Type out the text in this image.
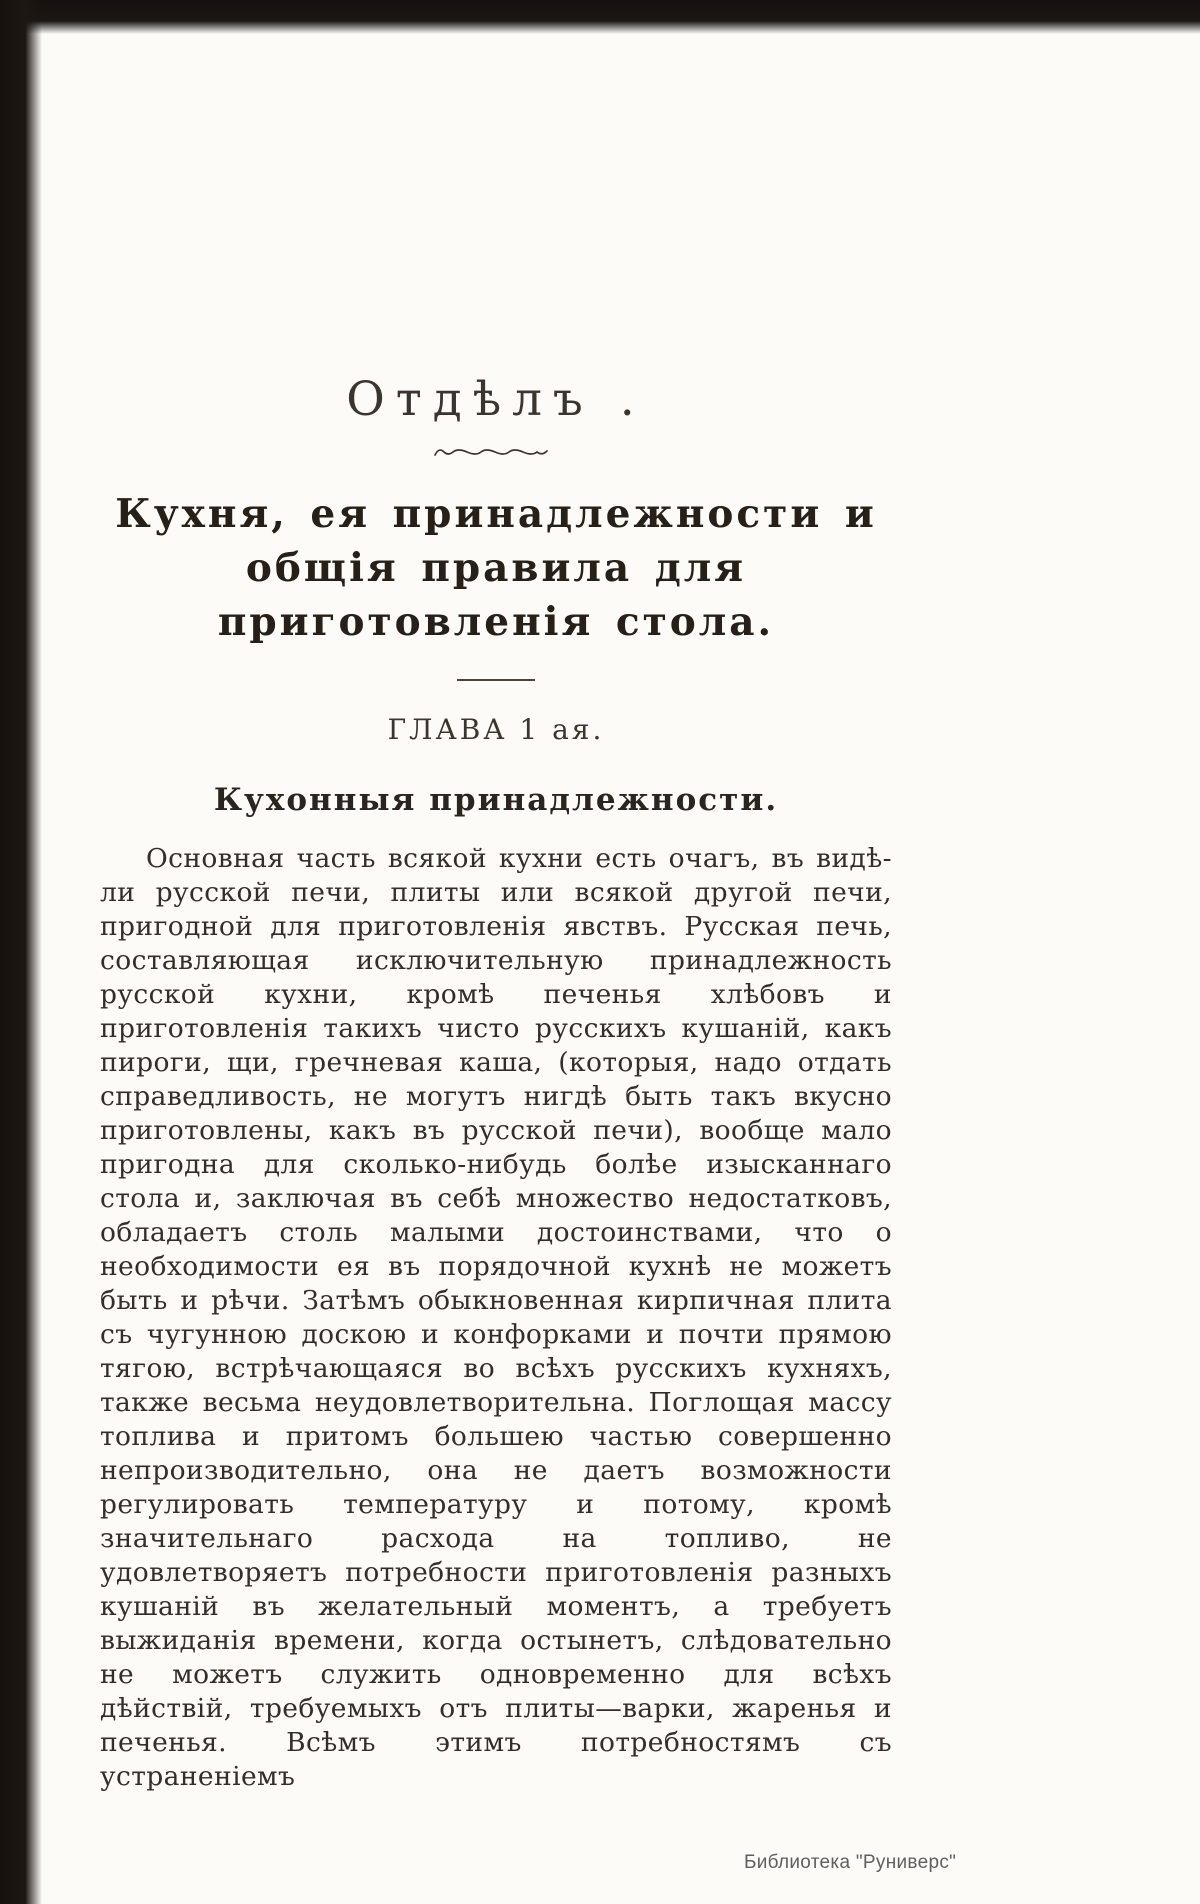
Отдѣлъ .
Кухня, ея принадлежности и общія правила для
приготовленія стола.
ГЛАВА 1 ая.
Кухонныя принадлежности.

Основная часть всякой кухни есть очагъ, въ видѣ-ли русской печи, плиты или всякой другой печи, пригодной для приготовленія явствъ. Русская печь, составляющая исключительную принадлежность русской кухни, кромѣ печенья хлѣбовъ и приготовленія такихъ чисто русскихъ кушаній, какъ пироги, щи, гречневая каша, (которыя, надо отдать справедливость, не могутъ нигдѣ быть такъ вкусно приготовлены, какъ въ русской печи), вообще мало пригодна для сколько-нибудь болѣе изысканнаго стола и, заключая въ себѣ множество недостатковъ, обладаетъ столь малыми достоинствами, что о необходимости ея въ порядочной кухнѣ не можетъ быть и рѣчи. Затѣмъ обыкновенная кирпичная плита съ чугунною доскою и конфорками и почти прямою тягою, встрѣчающаяся во всѣхъ русскихъ кухняхъ, также весьма неудовлетворительна. Поглощая массу топлива и притомъ большею частью совершенно непроизводительно, она не даетъ возможности регулировать температуру и потому, кромѣ значительнаго расхода на топливо, не удовлетворяетъ потребности приготовленія разныхъ кушаній въ желательный моментъ, а требуетъ выжиданія времени, когда остынетъ, слѣдовательно не можетъ служить одновременно для всѣхъ дѣйствій, требуемыхъ отъ плиты—варки, жаренья и печенья. Всѣмъ этимъ потребностямъ съ устраненіемъ

Библиотека "Руниверс"
